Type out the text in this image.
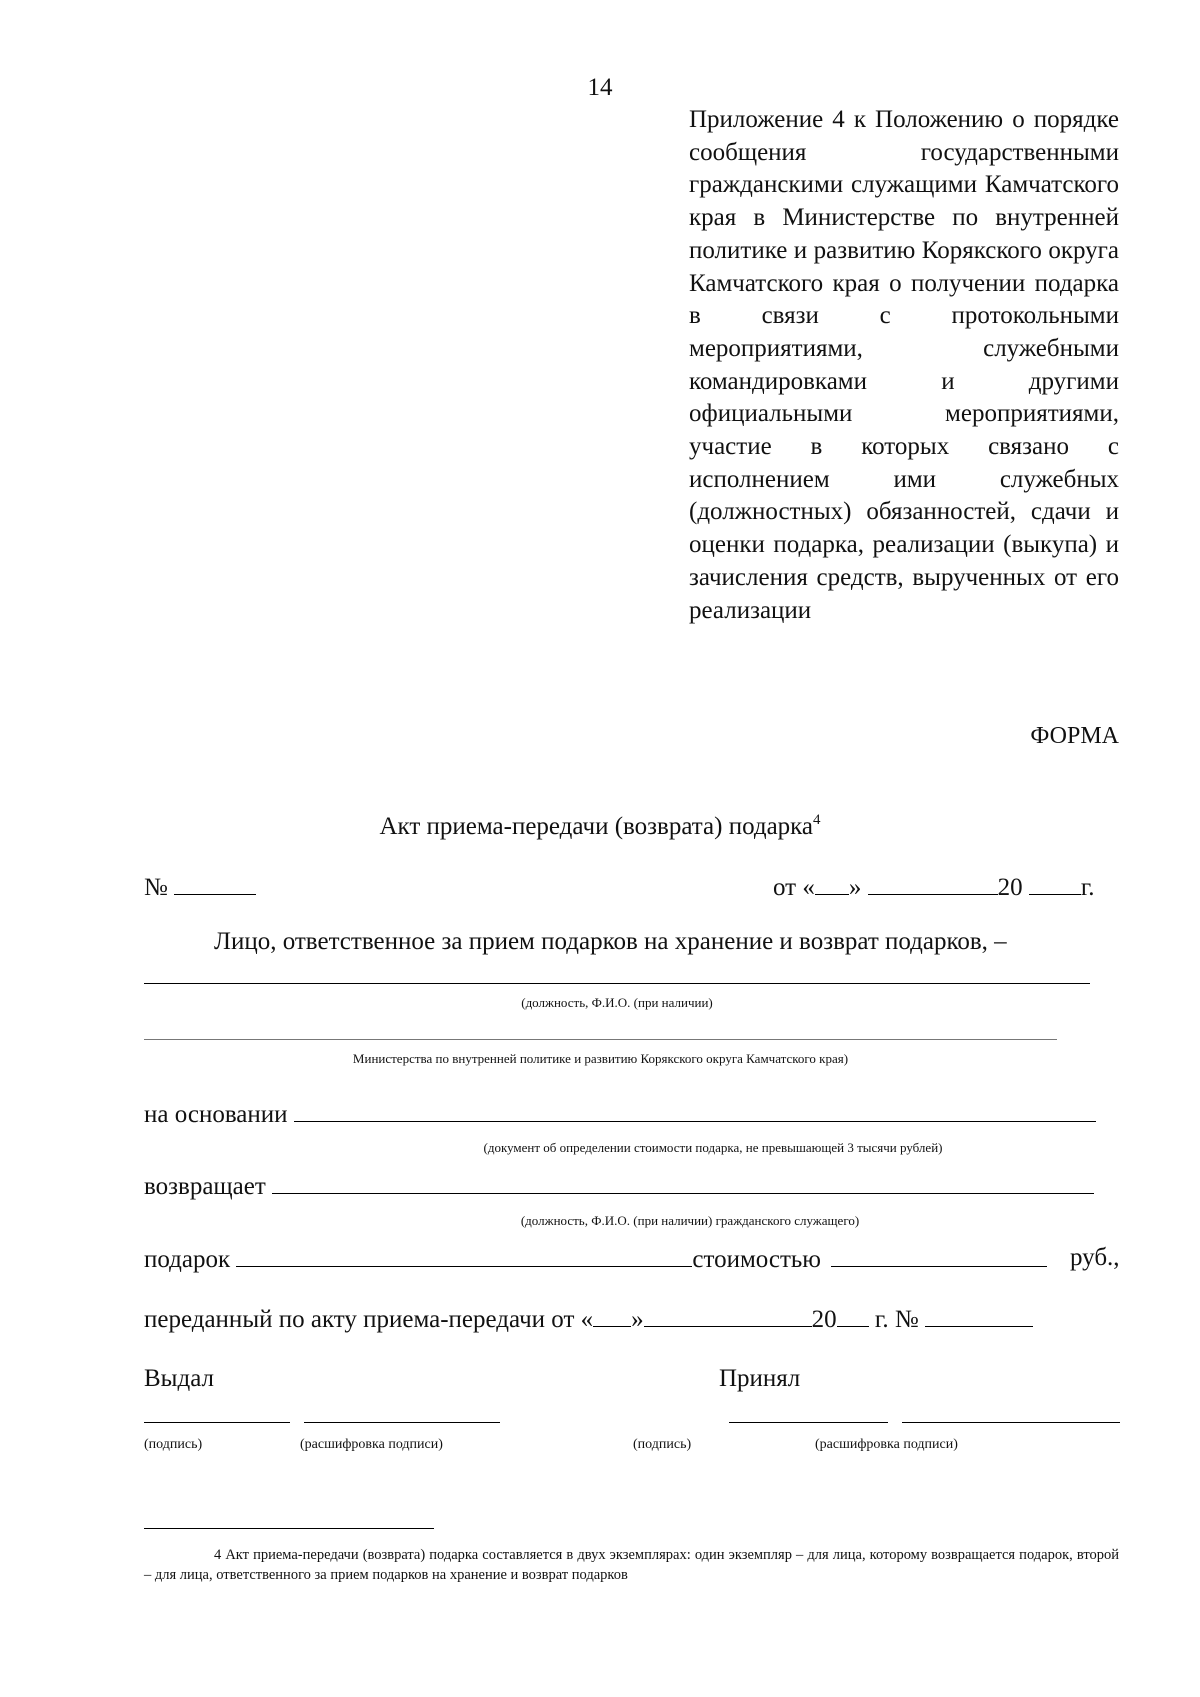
14
Приложение 4 к Положению о порядке сообщения государственными гражданскими служащими Камчатского края в Министерстве по внутренней политике и развитию Корякского округа Камчатского края о получении подарка в связи с протокольными мероприятиями, служебными командировками и другими официальными мероприятиями, участие в которых связано с исполнением ими служебных (должностных) обязанностей, сдачи и оценки подарка, реализации (выкупа) и зачисления средств, вырученных от его реализации
ФОРМА
Акт приема-передачи (возврата) подарка$^4$
№	от « »	20 г.
Лицо, ответственное за прием подарков на хранение и возврат подарков, –
(должность, Ф.И.О. (при наличии)
Министерства по внутренней политике и развитию Корякского округа Камчатского края)
на основании
(документ об определении стоимости подарка, не превышающей 3 тысячи рублей)
возвращает
(должность, Ф.И.О. (при наличии) гражданского служащего)
подарок	стоимостью	руб.,
переданный по акту приема-передачи от « »	20 г. №
Выдал	Принял
(подпись)	(расшифровка подписи)	(подпись)	(расшифровка подписи)
4 Акт приема-передачи (возврата) подарка составляется в двух экземплярах: один экземпляр – для лица, которому возвращается подарок, второй – для лица, ответственного за прием подарков на хранение и возврат подарков
